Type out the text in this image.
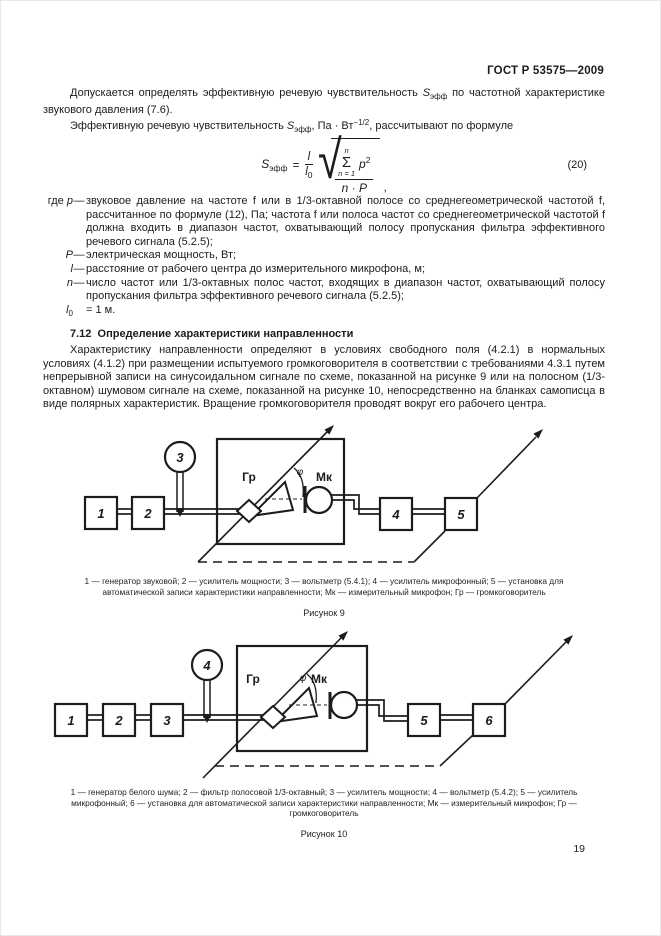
ГОСТ Р 53575—2009
Допускается определять эффективную речевую чувствительность $S_{эфф}$ по частотной характеристике звукового давления (7.6).
Эффективную речевую чувствительность $S_{эфф}$, Па · $Вт^{-1/2}$, рассчитывают по формуле
$S_{эфф} = \frac{l}{l_0}$ √ n
Σ
n = 1
$p^2$
n · P ,
(20)
где p — звуковое давление на частоте f или в 1/3-октавной полосе со среднегеометрической частотой f, рассчитанное по формуле (12), Па; частота f или полоса частот со среднегеометрической частотой f должна входить в диапазон частот, охватывающий полосу пропускания фильтра эффективного речевого сигнала (5.2.5);
P — электрическая мощность, Вт;
l — расстояние от рабочего центра до измерительного микрофона, м;
n — число частот или 1/3-октавных полос частот, входящих в диапазон частот, охватывающий полосу пропускания фильтра эффективного речевого сигнала (5.2.5);
$l_0 = 1$ м.
7.12 Определение характеристики направленности
Характеристику направленности определяют в условиях свободного поля (4.2.1) в нормальных условиях (4.1.2) при размещении испытуемого громкоговорителя в соответствии с требованиями 4.3.1 путем непрерывной записи на синусоидальном сигнале по схеме, показанной на рисунке 9 или на полосном (1/3-октавном) шумовом сигнале на схеме, показанной на рисунке 10, непосредственно на бланках самописца в виде полярных характеристик. Вращение громкоговорителя проводят вокруг его рабочего центра.
1	2
3
4	5
Гр	Мк
φ
1 — генератор звуковой; 2 — усилитель мощности; 3 — вольтметр (5.4.1); 4 — усилитель микрофонный; 5 — установка для автоматической записи характеристики направленности; Мк — измерительный микрофон; Гр — громкоговоритель
Рисунок 9
1	2	3
4
5	6
Гр	Мк
φ
1 — генератор белого шума; 2 — фильтр полосовой 1/3-октавный; 3 — усилитель мощности; 4 — вольтметр (5.4.2); 5 — усилитель микрофонный; 6 — установка для автоматической записи характеристики направленности; Мк — измерительный микрофон; Гр — громкоговоритель
Рисунок 10
19
